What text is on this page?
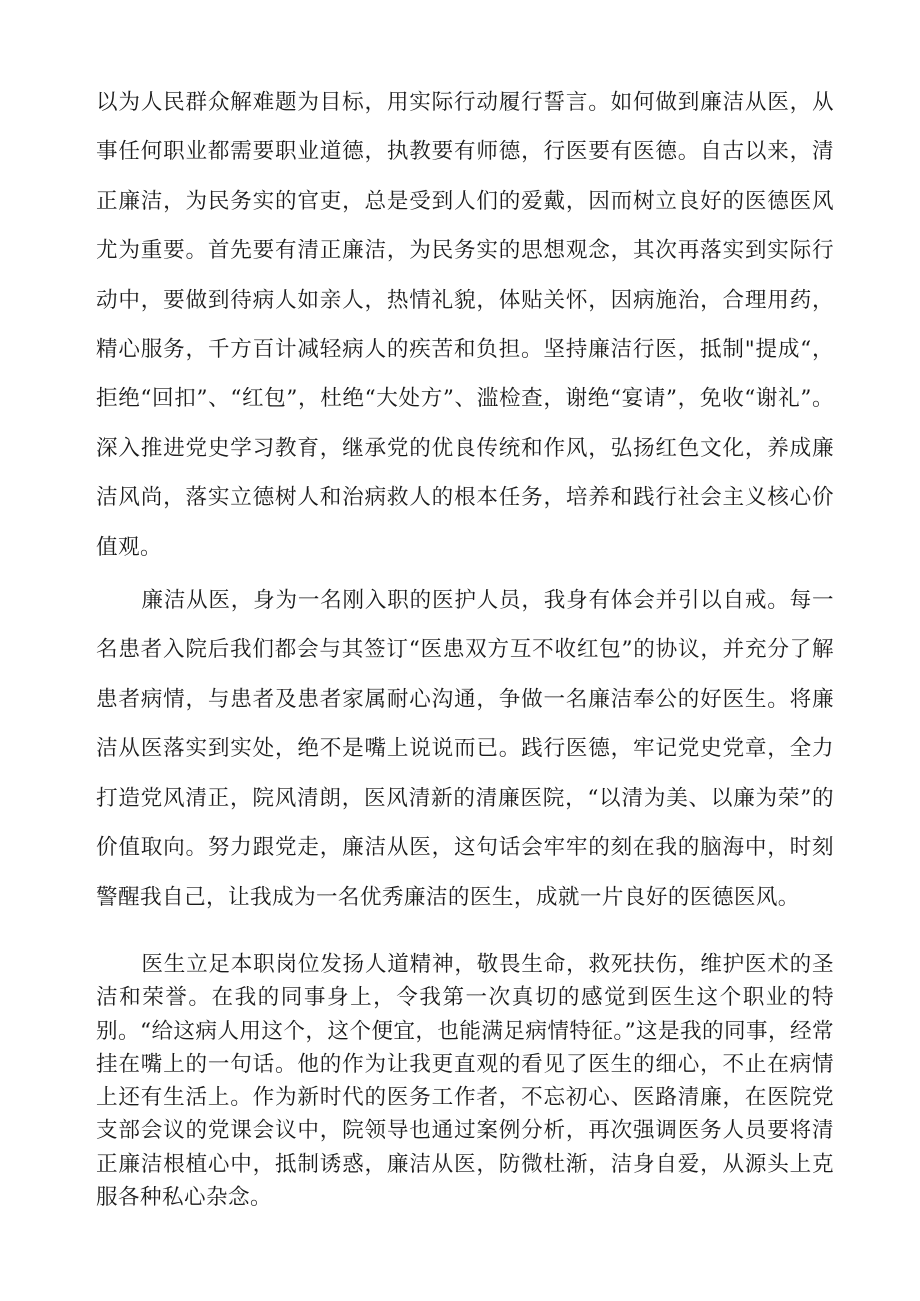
以为人民群众解难题为目标，用实际行动履行誓言。如何做到廉洁从医，从事任何职业都需要职业道德，执教要有师德，行医要有医德。自古以来，清正廉洁，为民务实的官吏，总是受到人们的爱戴，因而树立良好的医德医风尤为重要。首先要有清正廉洁，为民务实的思想观念，其次再落实到实际行动中，要做到待病人如亲人，热情礼貌，体贴关怀，因病施治，合理用药，精心服务，千方百计减轻病人的疾苦和负担。坚持廉洁行医，抵制"提成“，拒绝“回扣”、“红包”，杜绝“大处方”、滥检查，谢绝“宴请”，免收“谢礼”。深入推进党史学习教育，继承党的优良传统和作风，弘扬红色文化，养成廉洁风尚，落实立德树人和治病救人的根本任务，培养和践行社会主义核心价值观。

廉洁从医，身为一名刚入职的医护人员，我身有体会并引以自戒。每一名患者入院后我们都会与其签订“医患双方互不收红包”的协议，并充分了解患者病情，与患者及患者家属耐心沟通，争做一名廉洁奉公的好医生。将廉洁从医落实到实处，绝不是嘴上说说而已。践行医德，牢记党史党章，全力打造党风清正，院风清朗，医风清新的清廉医院，“以清为美、以廉为荣”的价值取向。努力跟党走，廉洁从医，这句话会牢牢的刻在我的脑海中，时刻警醒我自己，让我成为一名优秀廉洁的医生，成就一片良好的医德医风。

医生立足本职岗位发扬人道精神，敬畏生命，救死扶伤，维护医术的圣洁和荣誉。在我的同事身上，令我第一次真切的感觉到医生这个职业的特别。“给这病人用这个，这个便宜，也能满足病情特征。”这是我的同事，经常挂在嘴上的一句话。他的作为让我更直观的看见了医生的细心，不止在病情上还有生活上。作为新时代的医务工作者，不忘初心、医路清廉，在医院党支部会议的党课会议中，院领导也通过案例分析，再次强调医务人员要将清正廉洁根植心中，抵制诱惑，廉洁从医，防微杜渐，洁身自爱，从源头上克服各种私心杂念。
